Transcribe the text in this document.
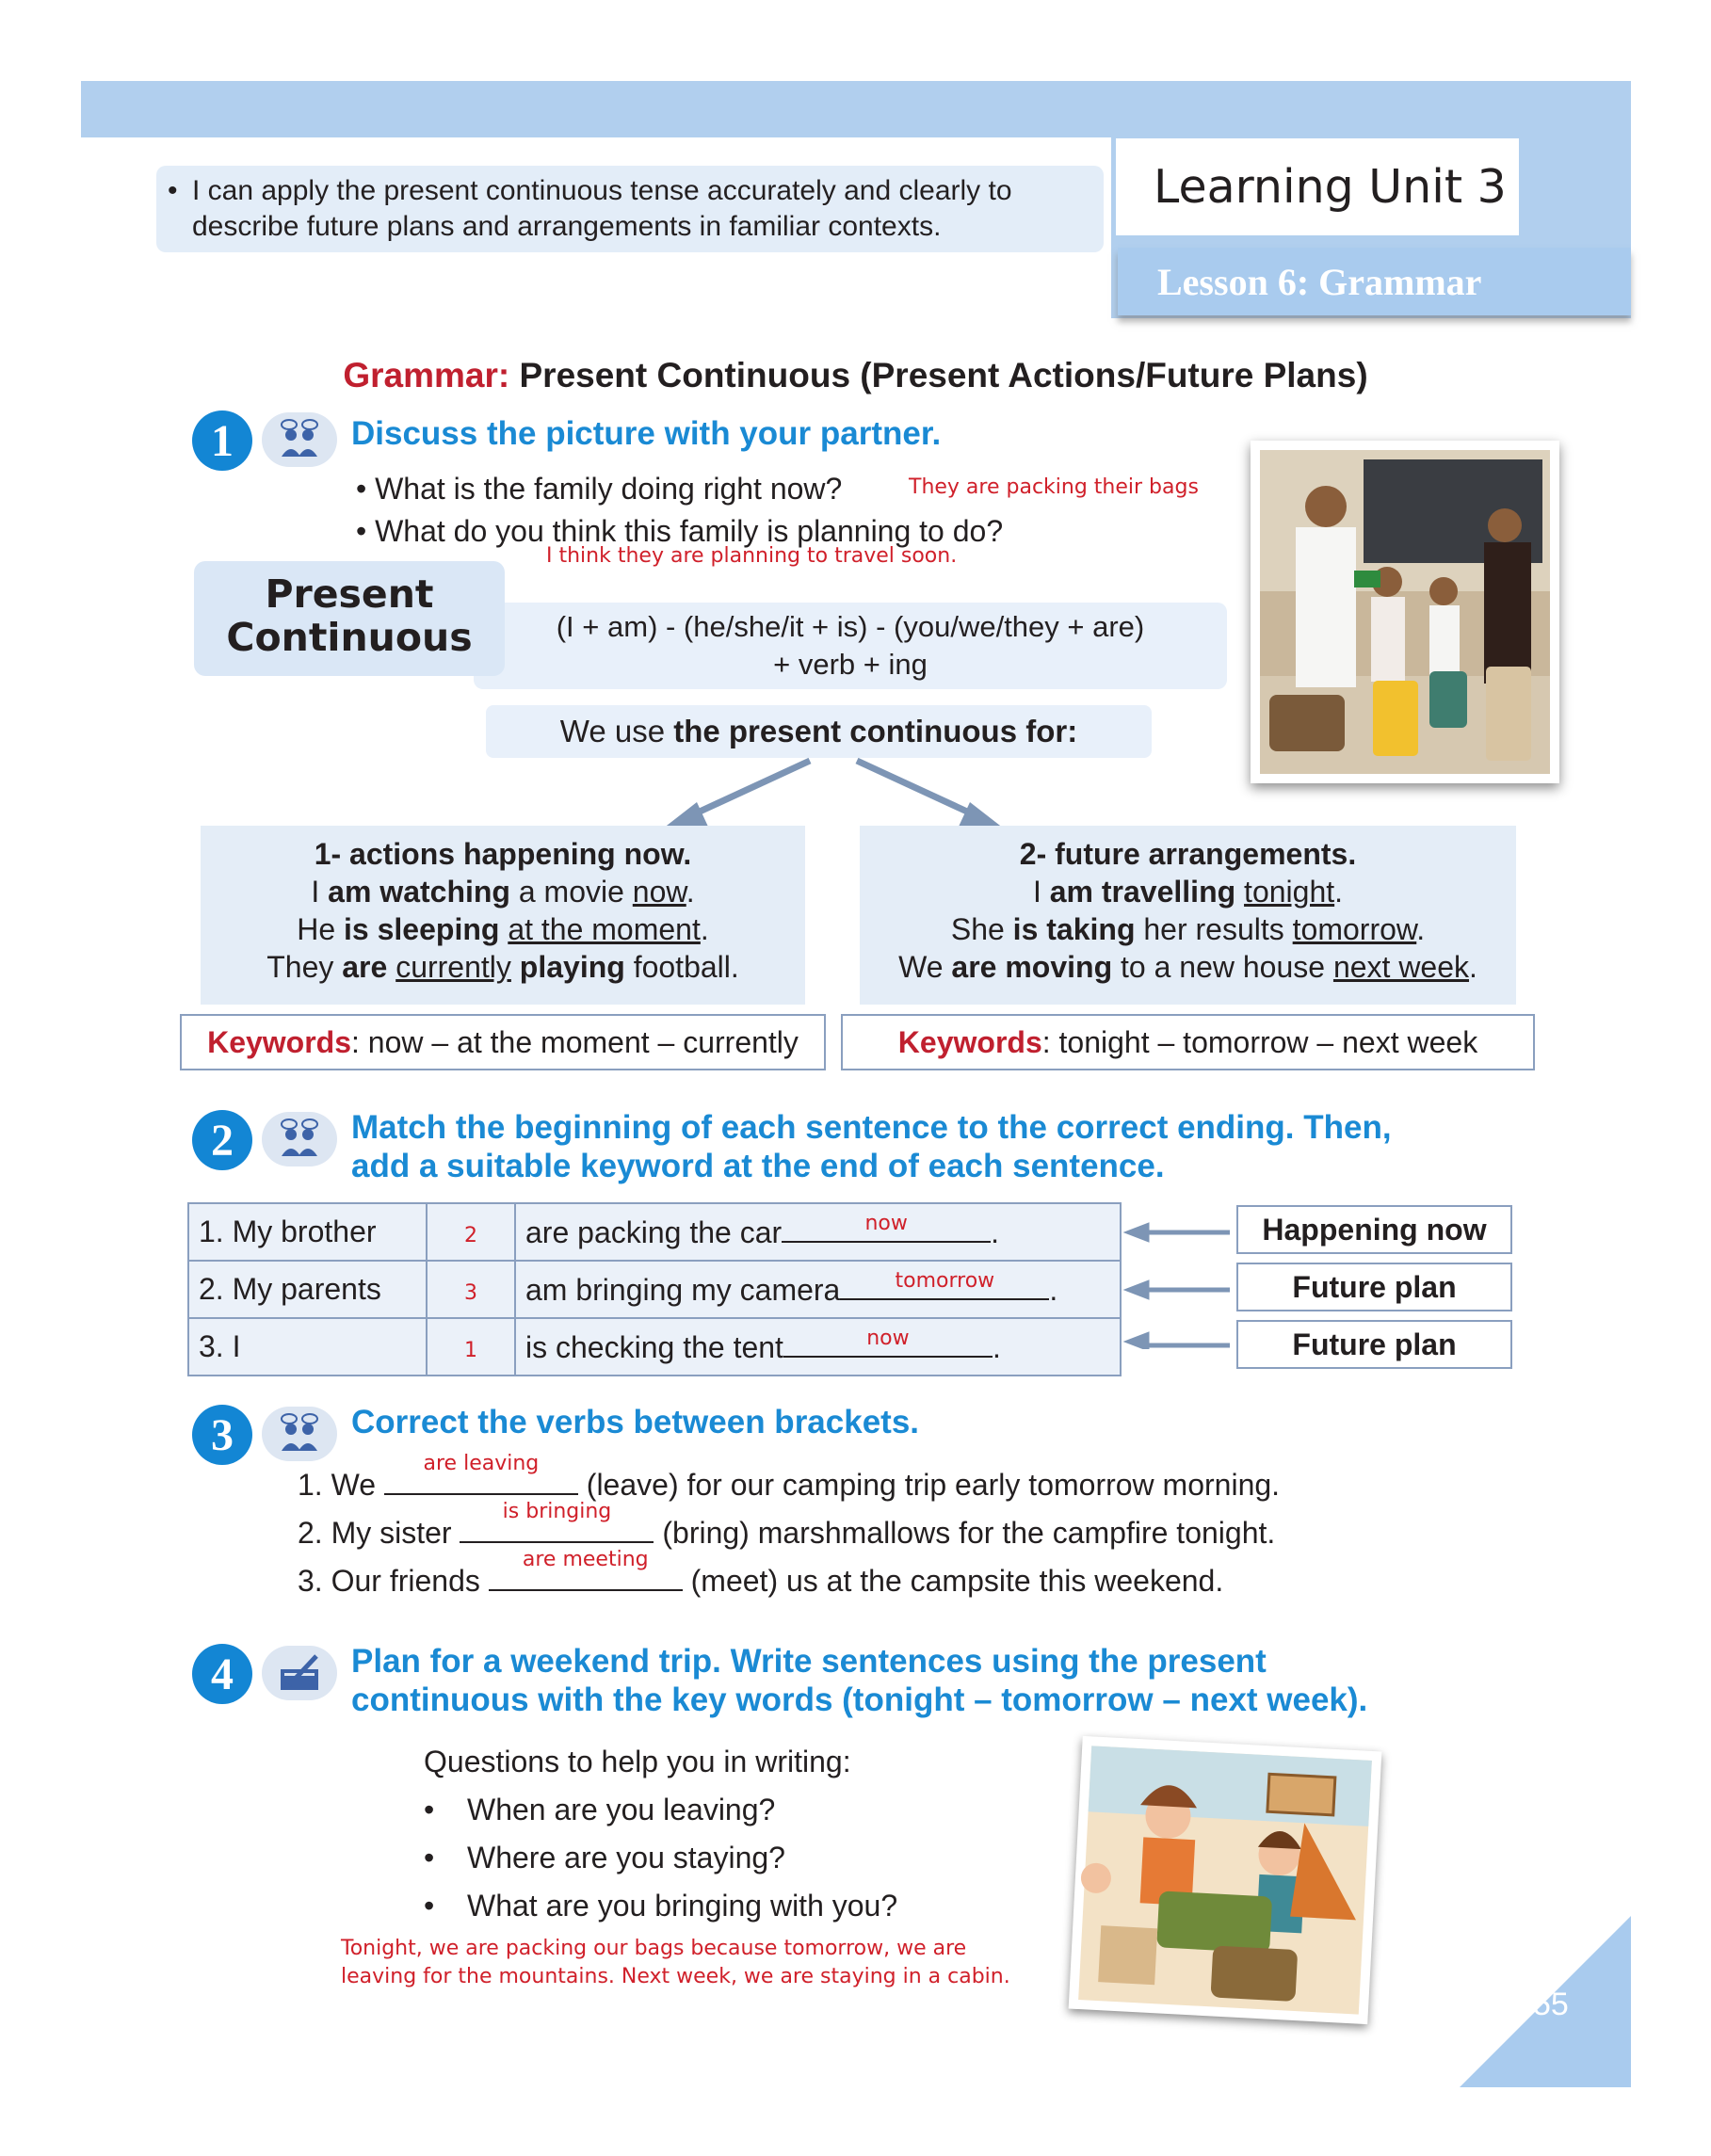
Learning Unit 3
Lesson 6: Grammar
• I can apply the present continuous tense accurately and clearly to describe future plans and arrangements in familiar contexts.
Grammar: Present Continuous (Present Actions/Future Plans)
1	Discuss the picture with your partner.
• What is the family doing right now?
• What do you think this family is planning to do?
They are packing their bags
I think they are planning to travel soon.
(I + am) - (he/she/it + is) - (you/we/they + are)
+ verb + ing
Present
Continuous
We use the present continuous for:
1- actions happening now.
I am watching a movie now.
He is sleeping at the moment.
They are currently playing football.
2- future arrangements.
I am travelling tonight.
She is taking her results tomorrow.
We are moving to a new house next week.
Keywords : now – at the moment – currently	Keywords : tonight – tomorrow – next week
2	Match the beginning of each sentence to the correct ending. Then,
add a suitable keyword at the end of each sentence.
1. My brother	2	are packing the car now .
2. My parents	3	am bringing my camera tomorrow .
3. I	1	is checking the tent now .
Happening now
Future plan
Future plan
3	Correct the verbs between brackets.
1. We
are leaving
(leave) for our camping trip early tomorrow morning.
2. My sister
is bringing
(bring) marshmallows for the campfire tonight.
3. Our friends
are meeting
(meet) us at the campsite this weekend.
4	Plan for a weekend trip. Write sentences using the present
continuous with the key words (tonight – tomorrow – next week).
Questions to help you in writing:
• When are you leaving?
• Where are you staying?
• What are you bringing with you?
Tonight, we are packing our bags because tomorrow, we are
leaving for the mountains. Next week, we are staying in a cabin.
55
